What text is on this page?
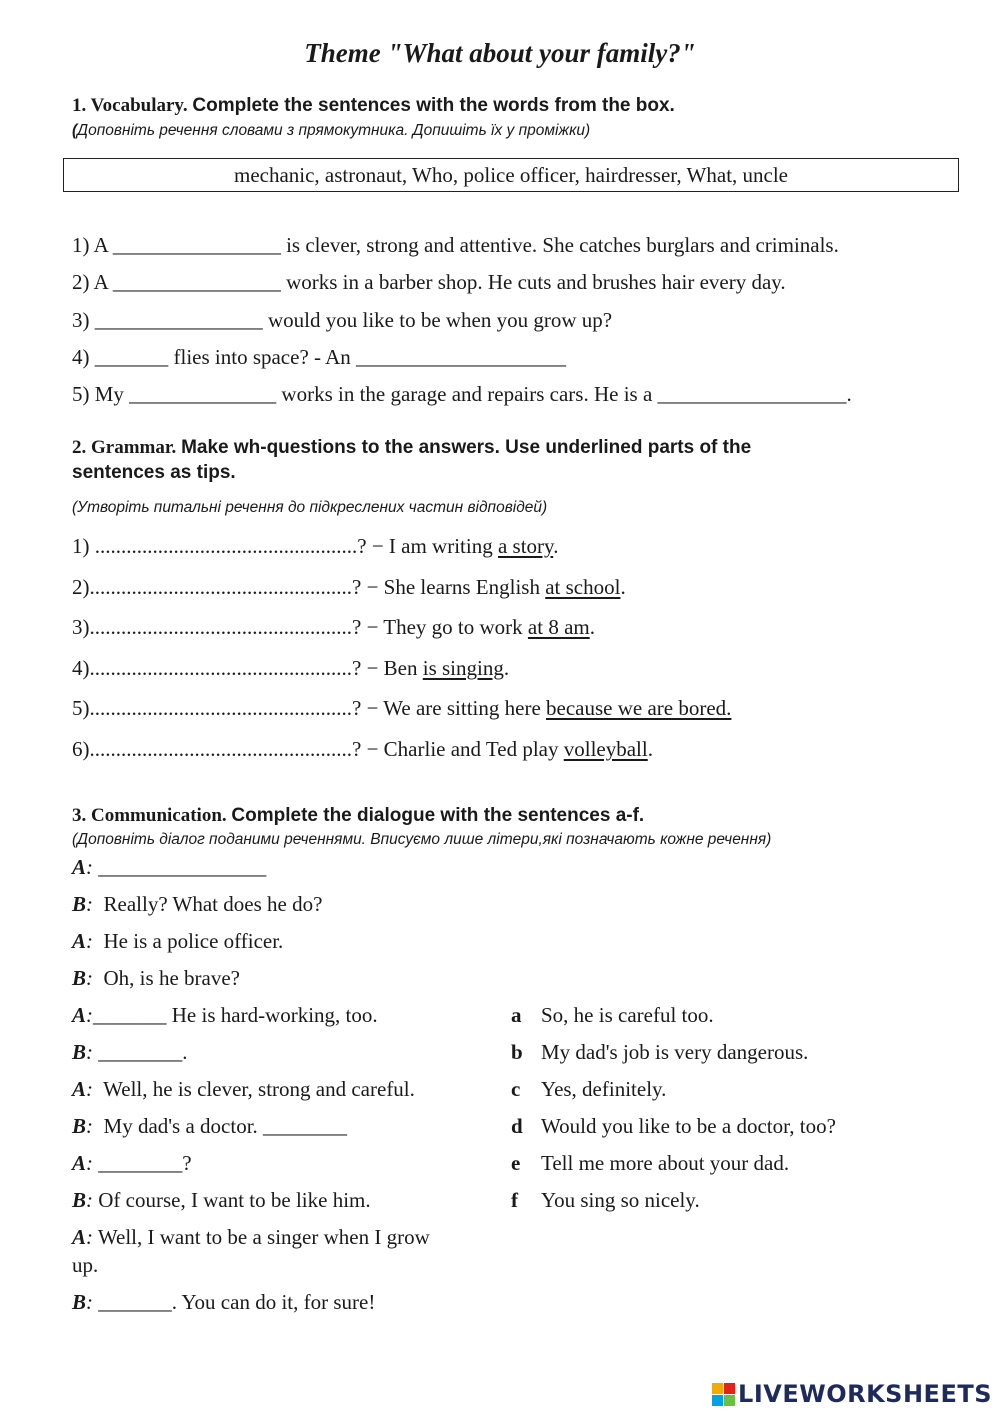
Theme "What about your family?"
1. Vocabulary. Complete the sentences with the words from the box.
(Доповніть речення словами з прямокутника. Допишіть їх у проміжки)
mechanic, astronaut, Who, police officer, hairdresser, What, uncle
1) A ________________ is clever, strong and attentive. She catches burglars and criminals.
2) A ________________ works in a barber shop. He cuts and brushes hair every day.
3) ________________ would you like to be when you grow up?
4) _______ flies into space? - An ____________________
5) My ______________ works in the garage and repairs cars. He is a __________________.
2. Grammar. Make wh-questions to the answers. Use underlined parts of the
sentences as tips.
(Утворіть питальні речення до підкреслених частин відповідей)
1) ..................................................? − I am writing a story.
2)..................................................? − She learns English at school.
3)..................................................? − They go to work at 8 am.
4)..................................................? − Ben is singing.
5)..................................................? − We are sitting here because we are bored.
6)..................................................? − Charlie and Ted play volleyball.
3. Communication. Complete the dialogue with the sentences a-f.
(Доповніть діалог поданими реченнями. Вписуємо лише літери,які позначають кожне речення)
A: ________________
B:  Really? What does he do?
A:  He is a police officer.
B:  Oh, is he brave?
A:_______ He is hard-working, too.
B: ________.
A:  Well, he is clever, strong and careful.
B:  My dad's a doctor. ________
A: ________?
B: Of course, I want to be like him.
A: Well, I want to be a singer when I grow
up.
B: _______. You can do it, for sure!
a So, he is careful too.
b My dad's job is very dangerous.
c Yes, definitely.
d Would you like to be a doctor, too?
e Tell me more about your dad.
f You sing so nicely.
LIVEWORKSHEETS
